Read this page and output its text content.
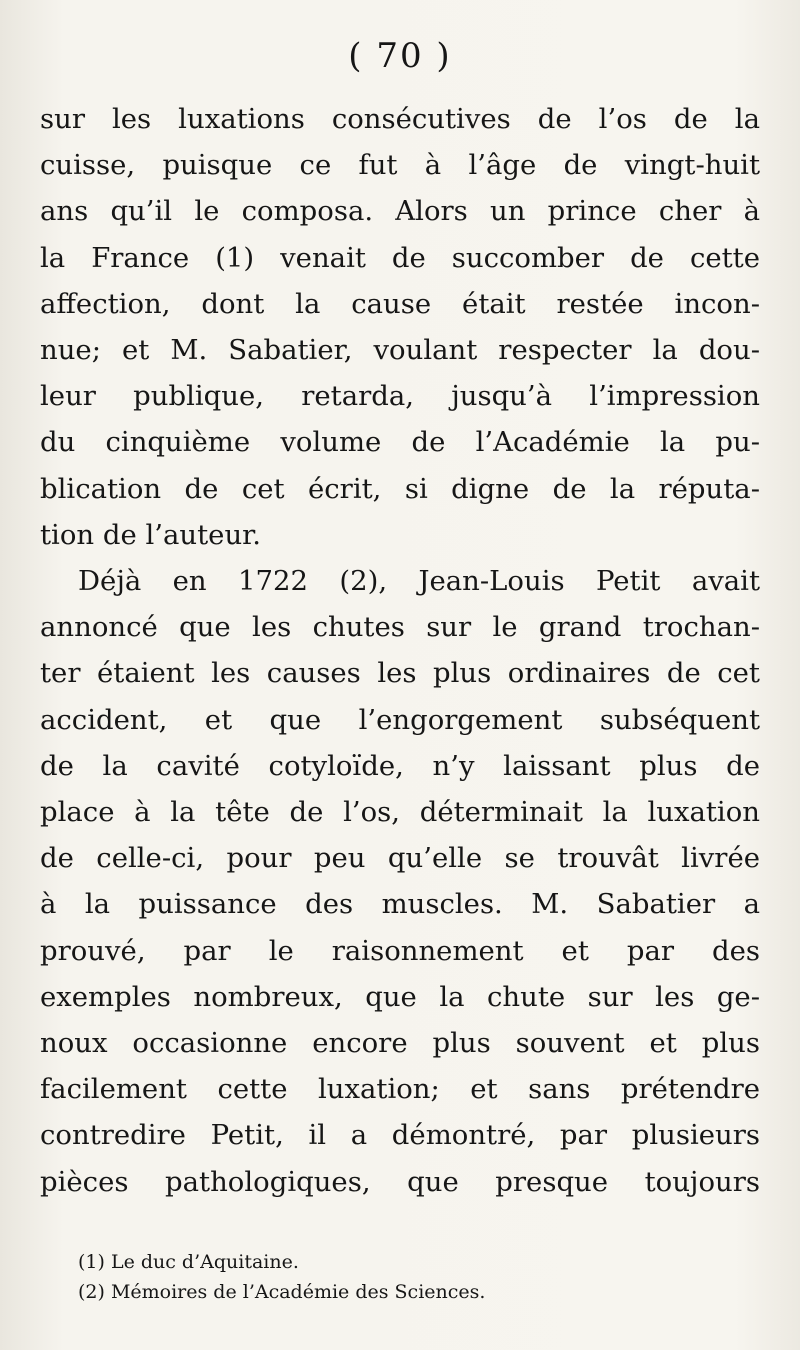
( 70 )

sur les luxations consécutives de l’os de la
cuisse, puisque ce fut à l’âge de vingt-huit
ans qu’il le composa. Alors un prince cher à
la France (1) venait de succomber de cette
affection, dont la cause était restée incon-
nue; et M. Sabatier, voulant respecter la dou-
leur publique, retarda, jusqu’à l’impression
du cinquième volume de l’Académie la pu-
blication de cet écrit, si digne de la réputa-
tion de l’auteur.

Déjà en 1722 (2), Jean-Louis Petit avait
annoncé que les chutes sur le grand trochan-
ter étaient les causes les plus ordinaires de cet
accident, et que l’engorgement subséquent
de la cavité cotyloïde, n’y laissant plus de
place à la tête de l’os, déterminait la luxation
de celle-ci, pour peu qu’elle se trouvât livrée
à la puissance des muscles. M. Sabatier a
prouvé, par le raisonnement et par des
exemples nombreux, que la chute sur les ge-
noux occasionne encore plus souvent et plus
facilement cette luxation; et sans prétendre
contredire Petit, il a démontré, par plusieurs
pièces pathologiques, que presque toujours

(1) Le duc d’Aquitaine.
(2) Mémoires de l’Académie des Sciences.
